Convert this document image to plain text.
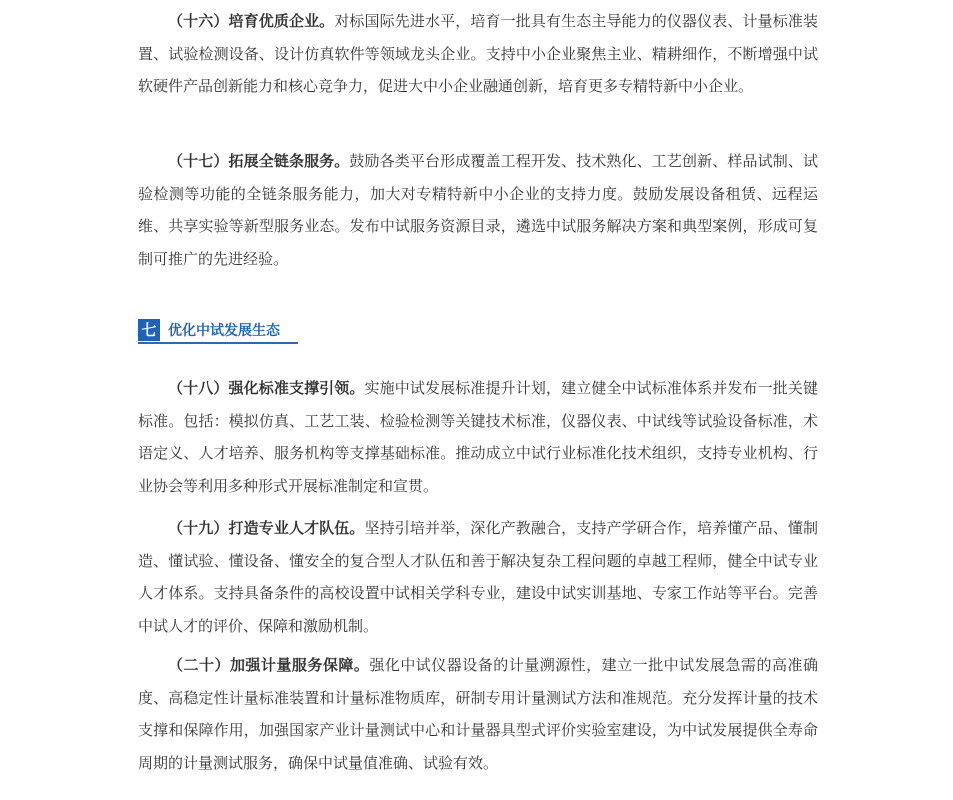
（十六）培育优质企业。对标国际先进水平，培育一批具有生态主导能力的仪器仪表、计量标准装置、试验检测设备、设计仿真软件等领域龙头企业。支持中小企业聚焦主业、精耕细作，不断增强中试软硬件产品创新能力和核心竞争力，促进大中小企业融通创新，培育更多专精特新中小企业。

（十七）拓展全链条服务。鼓励各类平台形成覆盖工程开发、技术熟化、工艺创新、样品试制、试验检测等功能的全链条服务能力，加大对专精特新中小企业的支持力度。鼓励发展设备租赁、远程运维、共享实验等新型服务业态。发布中试服务资源目录，遴选中试服务解决方案和典型案例，形成可复制可推广的先进经验。

七 优化中试发展生态

（十八）强化标准支撑引领。实施中试发展标准提升计划，建立健全中试标准体系并发布一批关键标准。包括：模拟仿真、工艺工装、检验检测等关键技术标准，仪器仪表、中试线等试验设备标准，术语定义、人才培养、服务机构等支撑基础标准。推动成立中试行业标准化技术组织，支持专业机构、行业协会等利用多种形式开展标准制定和宣贯。

（十九）打造专业人才队伍。坚持引培并举，深化产教融合，支持产学研合作，培养懂产品、懂制造、懂试验、懂设备、懂安全的复合型人才队伍和善于解决复杂工程问题的卓越工程师，健全中试专业人才体系。支持具备条件的高校设置中试相关学科专业，建设中试实训基地、专家工作站等平台。完善中试人才的评价、保障和激励机制。

（二十）加强计量服务保障。强化中试仪器设备的计量溯源性，建立一批中试发展急需的高准确度、高稳定性计量标准装置和计量标准物质库，研制专用计量测试方法和准规范。充分发挥计量的技术支撑和保障作用，加强国家产业计量测试中心和计量器具型式评价实验室建设，为中试发展提供全寿命周期的计量测试服务，确保中试量值准确、试验有效。
